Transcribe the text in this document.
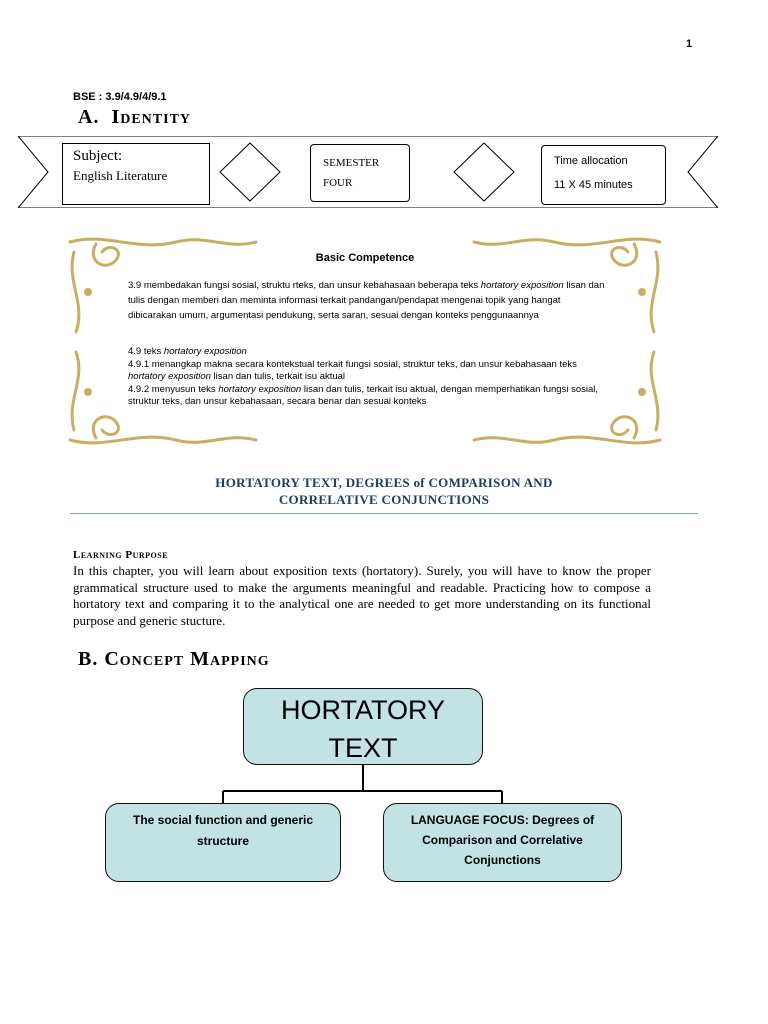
1
BSE : 3.9/4.9/4/9.1
A. Identity
Subject:
English Literature
SEMESTER
FOUR
Time allocation
11 X 45 minutes
Basic Competence
3.9 membedakan fungsi sosial, struktu rteks, dan unsur kebahasaan beberapa teks hortatory exposition lisan dan tulis dengan memberi dan meminta informasi terkait pandangan/pendapat mengenai topik yang hangat dibicarakan umum, argumentasi pendukung, serta saran, sesuai dengan konteks penggunaannya
4.9 teks hortatory exposition
4.9.1 menangkap makna secara kontekstual terkait fungsi sosial, struktur teks, dan unsur kebahasaan teks hortatory exposition lisan dan tulis, terkait isu aktual
4.9.2 menyusun teks hortatory exposition lisan dan tulis, terkait isu aktual, dengan memperhatikan fungsi sosial, struktur teks, dan unsur kebahasaan, secara benar dan sesuai konteks
HORTATORY TEXT, DEGREES of COMPARISON AND
CORRELATIVE CONJUNCTIONS
Learning Purpose
In this chapter, you will learn about exposition texts (hortatory). Surely, you will have to know the proper grammatical structure used to make the arguments meaningful and readable. Practicing how to compose a hortatory text and comparing it to the analytical one are needed to get more understanding on its functional purpose and generic stucture.
B. Concept Mapping
HORTATORY
TEXT
The social function and generic structure
LANGUAGE FOCUS: Degrees of Comparison and Correlative Conjunctions
